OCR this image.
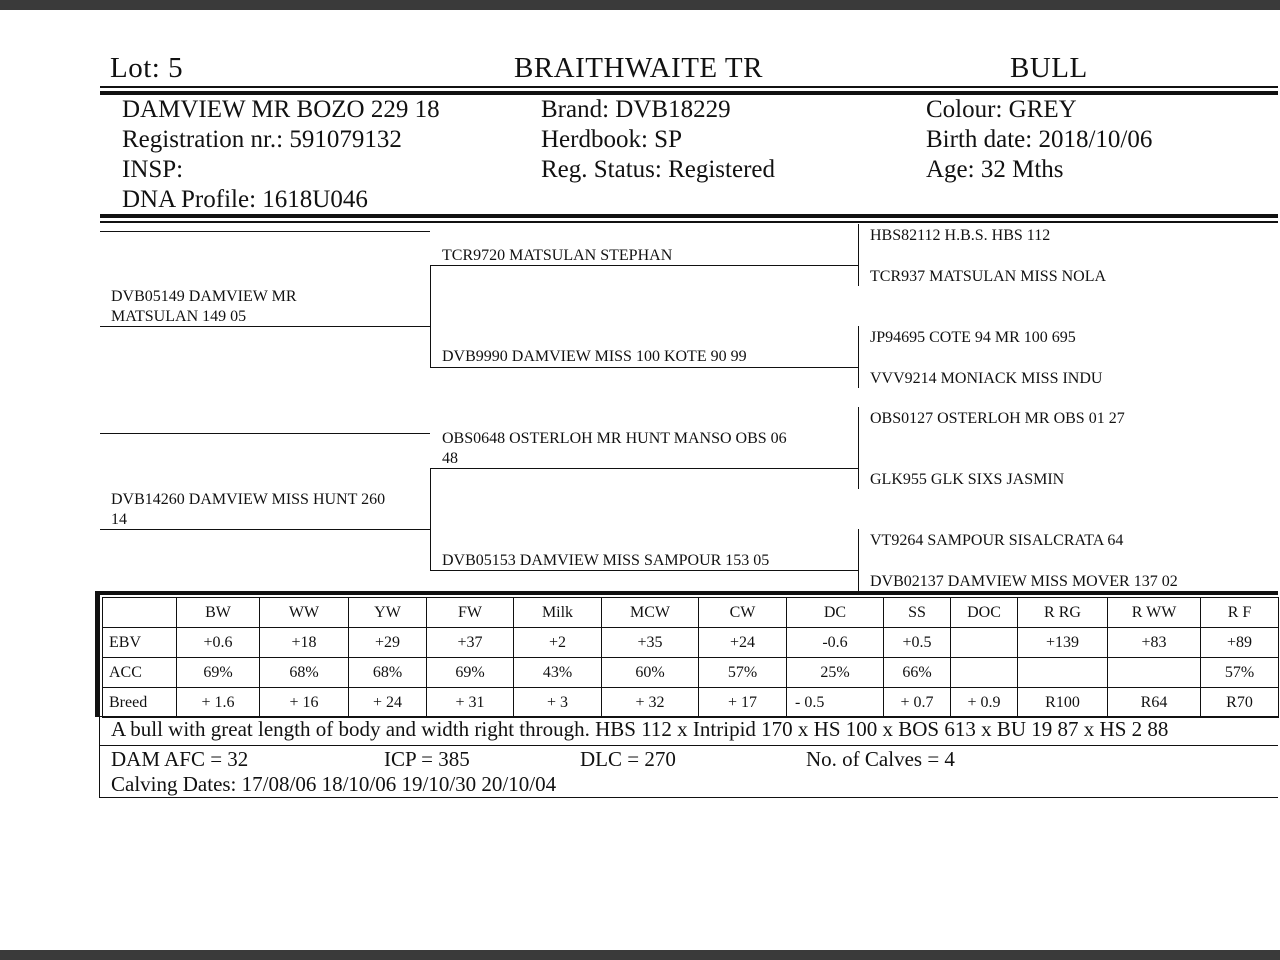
Lot: 5	BRAITHWAITE TR	BULL
DAMVIEW MR BOZO 229 18
Registration nr.: 591079132
INSP:
DNA Profile: 1618U046
Brand: DVB18229
Herdbook: SP
Reg. Status: Registered
Colour: GREY
Birth date: 2018/10/06
Age: 32 Mths
DVB05149 DAMVIEW MR
MATSULAN 149 05
DVB14260 DAMVIEW MISS HUNT 260
14
TCR9720 MATSULAN STEPHAN
DVB9990 DAMVIEW MISS 100 KOTE 90 99
OBS0648 OSTERLOH MR HUNT MANSO OBS 06
48
DVB05153 DAMVIEW MISS SAMPOUR 153 05
HBS82112 H.B.S. HBS 112
TCR937 MATSULAN MISS NOLA
JP94695 COTE 94 MR 100 695
VVV9214 MONIACK MISS INDU
OBS0127 OSTERLOH MR OBS 01 27
GLK955 GLK SIXS JASMIN
VT9264 SAMPOUR SISALCRATA 64
DVB02137 DAMVIEW MISS MOVER 137 02
	BW	WW	YW	FW	Milk	MCW	CW	DC	SS	DOC	R RG	R WW	R F
EBV	+0.6	+18	+29	+37	+2	+35	+24	-0.6	+0.5		+139	+83	+89
ACC	69%	68%	68%	69%	43%	60%	57%	25%	66%				57%
Breed	+ 1.6	+ 16	+ 24	+ 31	+ 3	+ 32	+ 17	- 0.5	+ 0.7	+ 0.9	R100	R64	R70
A bull with great length of body and width right through. HBS 112 x Intripid 170 x HS 100 x BOS 613 x BU 19 87 x HS 2 88
DAM AFC = 32	ICP = 385	DLC = 270	No. of Calves = 4
Calving Dates: 17/08/06 18/10/06 19/10/30 20/10/04
